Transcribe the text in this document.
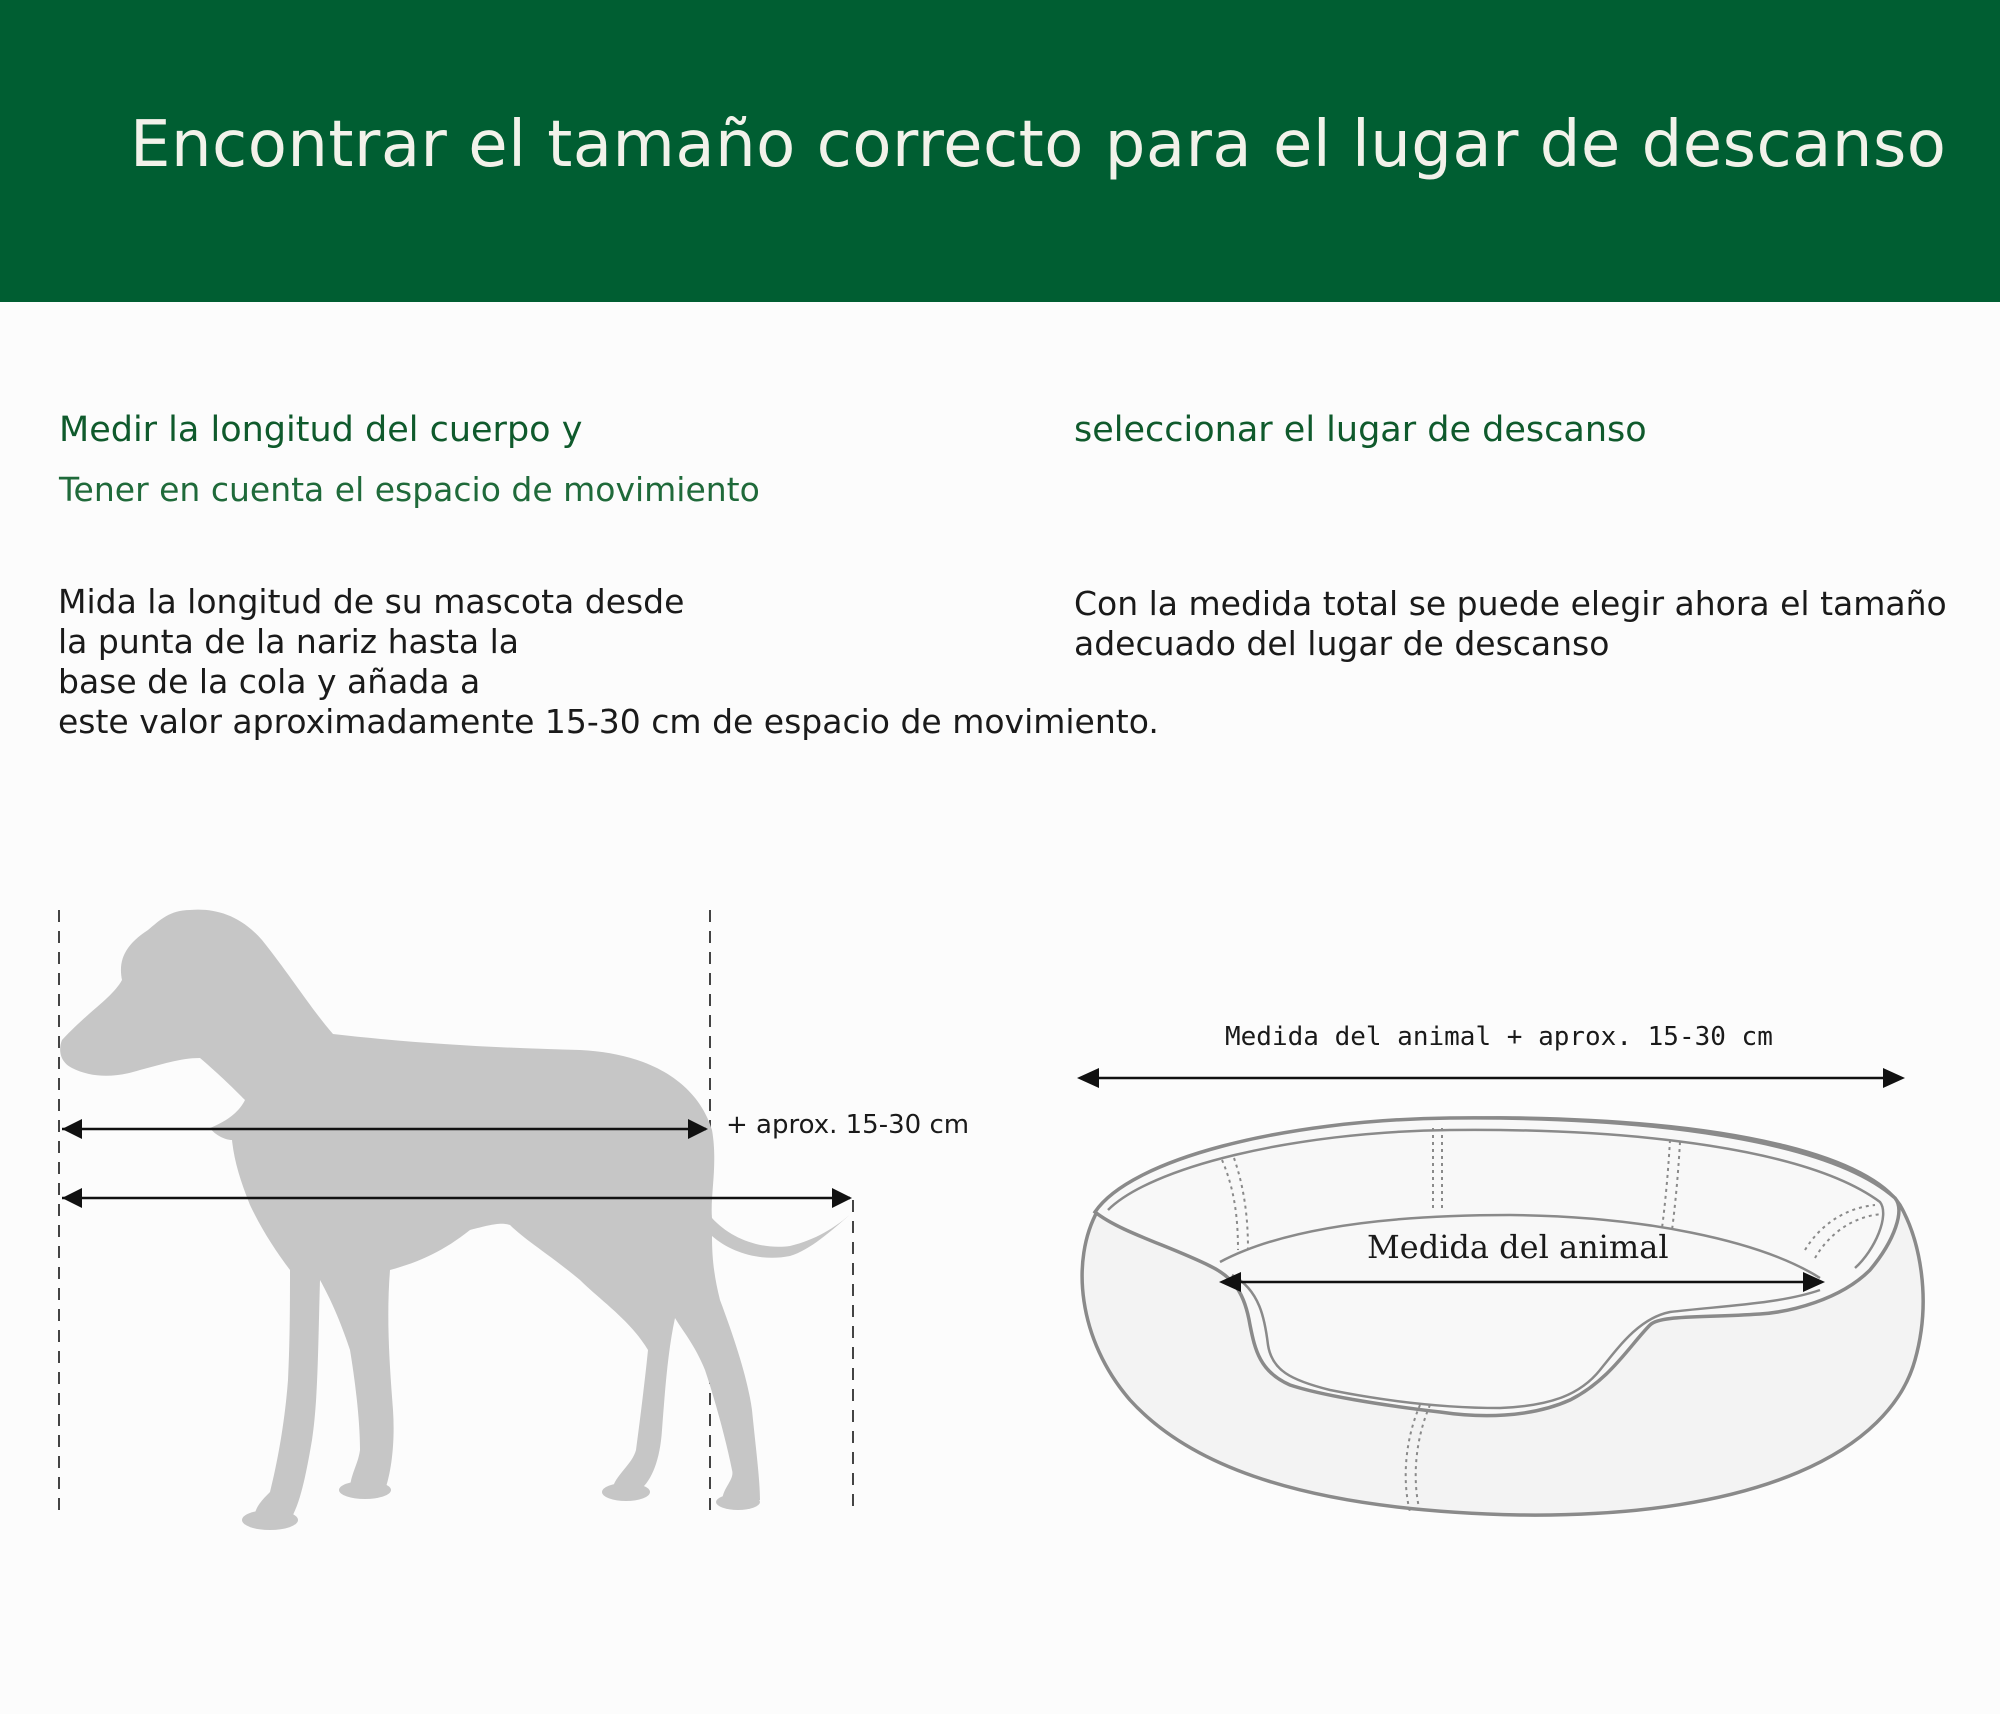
Encontrar el tamaño correcto para el lugar de descanso
Medir la longitud del cuerpo y

Tener en cuenta el espacio de movimiento

Mida la longitud de su mascota desde
la punta de la nariz hasta la
base de la cola y añada a
este valor aproximadamente 15-30 cm de espacio de movimiento.
seleccionar el lugar de descanso
Con la medida total se puede elegir ahora el tamaño
adecuado del lugar de descanso
+ aprox. 15-30 cm
Medida del animal + aprox. 15-30 cm
Medida del animal
